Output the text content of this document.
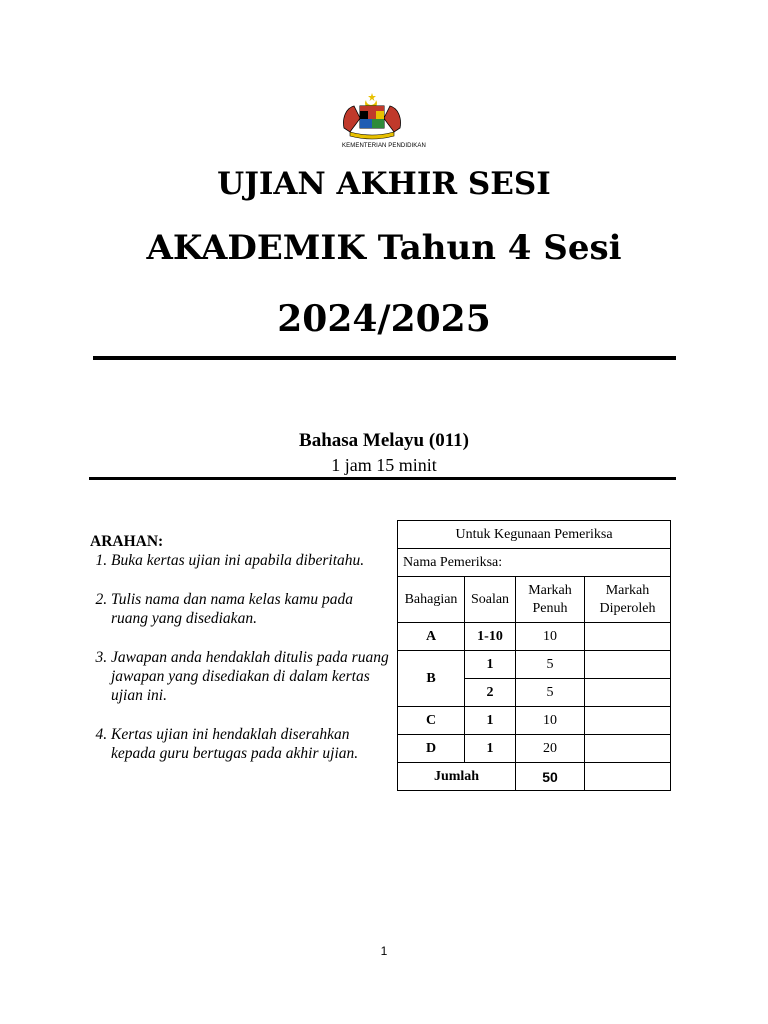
KEMENTERIAN PENDIDIKAN
UJIAN AKHIR SESI
AKADEMIK Tahun 4 Sesi
2024/2025
Bahasa Melayu (011)
1 jam 15 minit
ARAHAN:
1. Buka kertas ujian ini apabila diberitahu.
2. Tulis nama dan nama kelas kamu pada ruang yang disediakan.
3. Jawapan anda hendaklah ditulis pada ruang jawapan yang disediakan di dalam kertas ujian ini.
4. Kertas ujian ini hendaklah diserahkan kepada guru bertugas pada akhir ujian.
Untuk Kegunaan Pemeriksa			
Nama Pemeriksa:			
Bahagian	Soalan	Markah Penuh	Markah Diperoleh
A	1-10	10	
B	1	5	
	2	5	
C	1	10	
D	1	20	
Jumlah		50	
1
